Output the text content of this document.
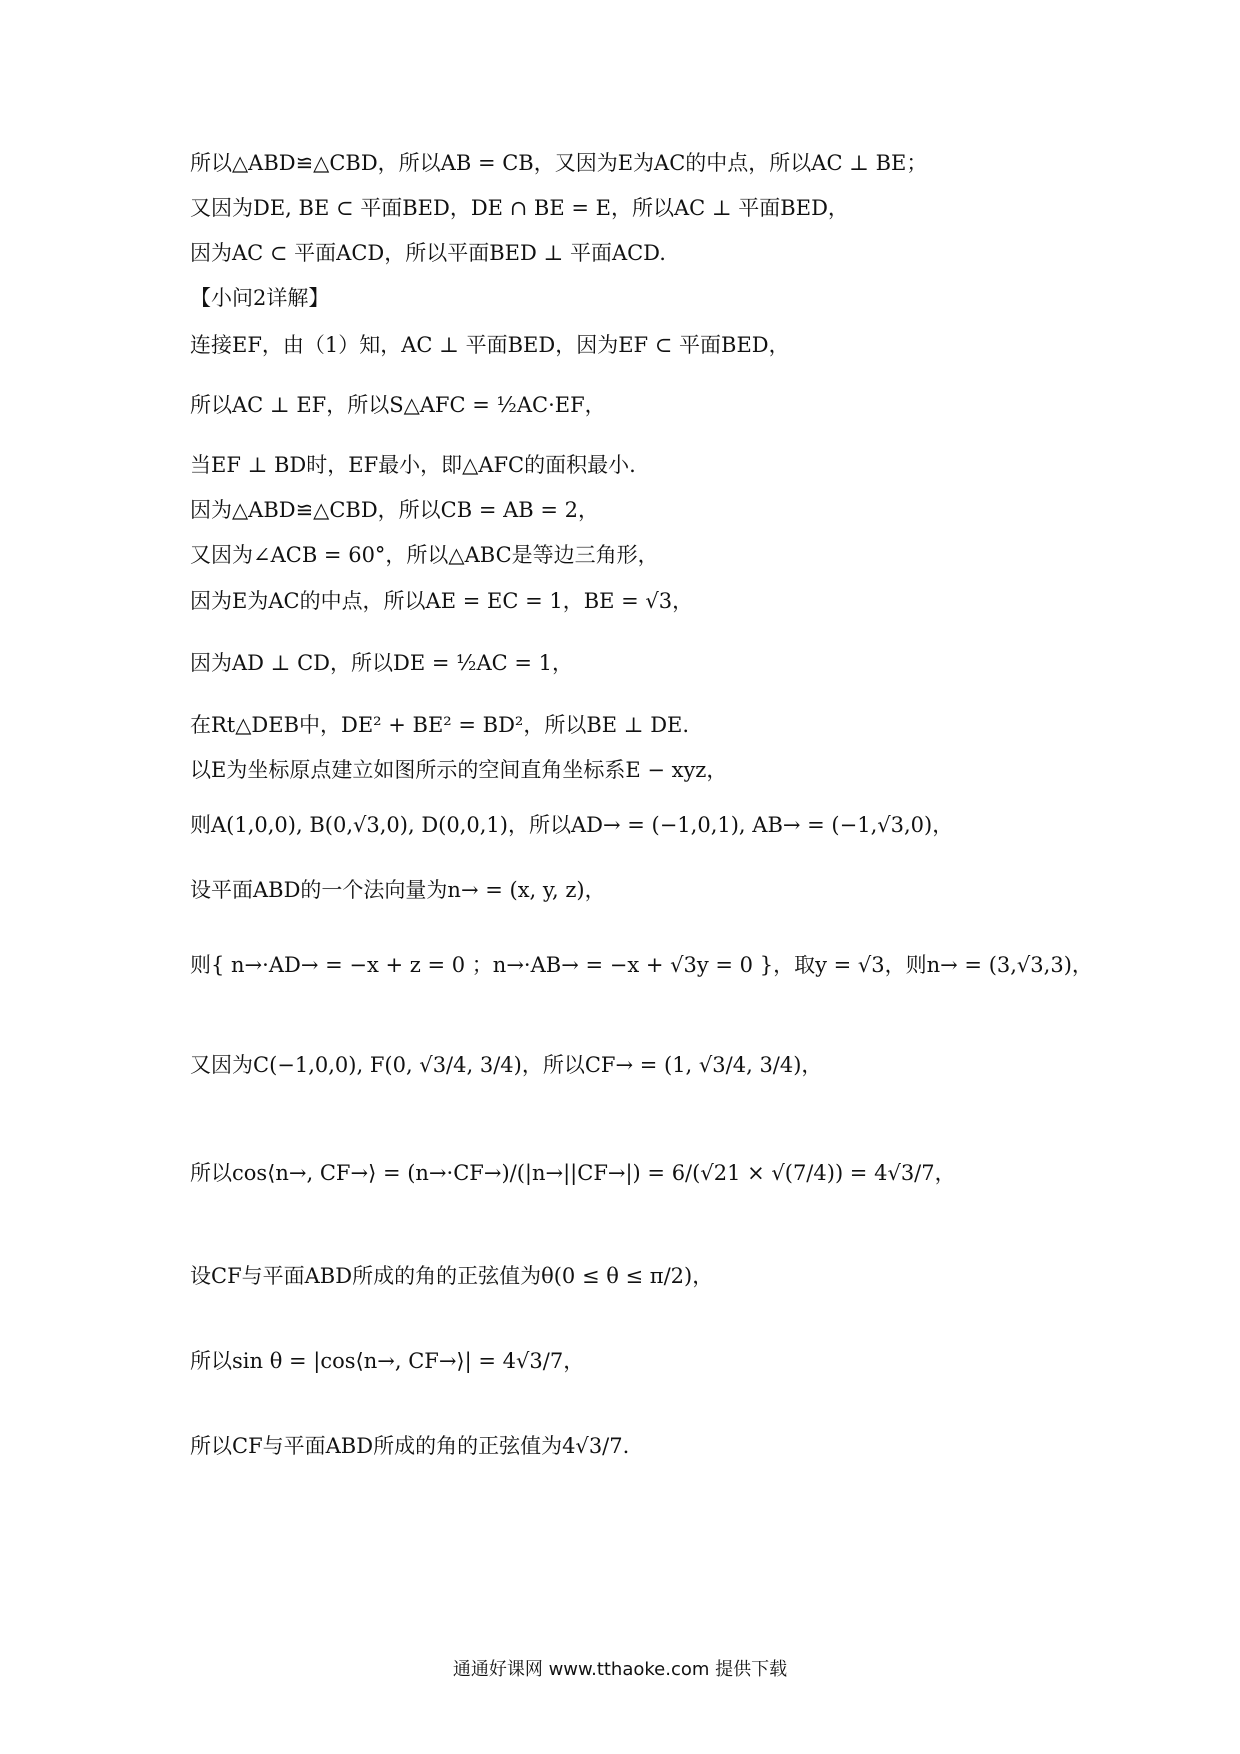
所以△ABD≌△CBD，所以AB = CB，又因为E为AC的中点，所以AC ⊥ BE；
又因为DE, BE ⊂ 平面BED，DE ∩ BE = E，所以AC ⊥ 平面BED，
因为AC ⊂ 平面ACD，所以平面BED ⊥ 平面ACD.
【小问2详解】
连接EF，由（1）知，AC ⊥ 平面BED，因为EF ⊂ 平面BED，
所以AC ⊥ EF，所以S△AFC = ½AC·EF，
当EF ⊥ BD时，EF最小，即△AFC的面积最小.
因为△ABD≌△CBD，所以CB = AB = 2，
又因为∠ACB = 60°，所以△ABC是等边三角形，
因为E为AC的中点，所以AE = EC = 1，BE = √3，
因为AD ⊥ CD，所以DE = ½AC = 1，
在Rt△DEB中，DE² + BE² = BD²，所以BE ⊥ DE.
以E为坐标原点建立如图所示的空间直角坐标系E − xyz，
则A(1,0,0), B(0,√3,0), D(0,0,1)，所以AD→ = (−1,0,1), AB→ = (−1,√3,0)，
设平面ABD的一个法向量为n→ = (x, y, z)，
则{ n→·AD→ = −x + z = 0 ；n→·AB→ = −x + √3y = 0 }，取y = √3，则n→ = (3,√3,3)，
又因为C(−1,0,0), F(0, √3/4, 3/4)，所以CF→ = (1, √3/4, 3/4)，
所以cos⟨n→, CF→⟩ = (n→·CF→)/(|n→||CF→|) = 6/(√21 × √(7/4)) = 4√3/7，
设CF与平面ABD所成的角的正弦值为θ(0 ≤ θ ≤ π/2)，
所以sin θ = |cos⟨n→, CF→⟩| = 4√3/7，
所以CF与平面ABD所成的角的正弦值为4√3/7.
通通好课网 www.tthaoke.com 提供下载
